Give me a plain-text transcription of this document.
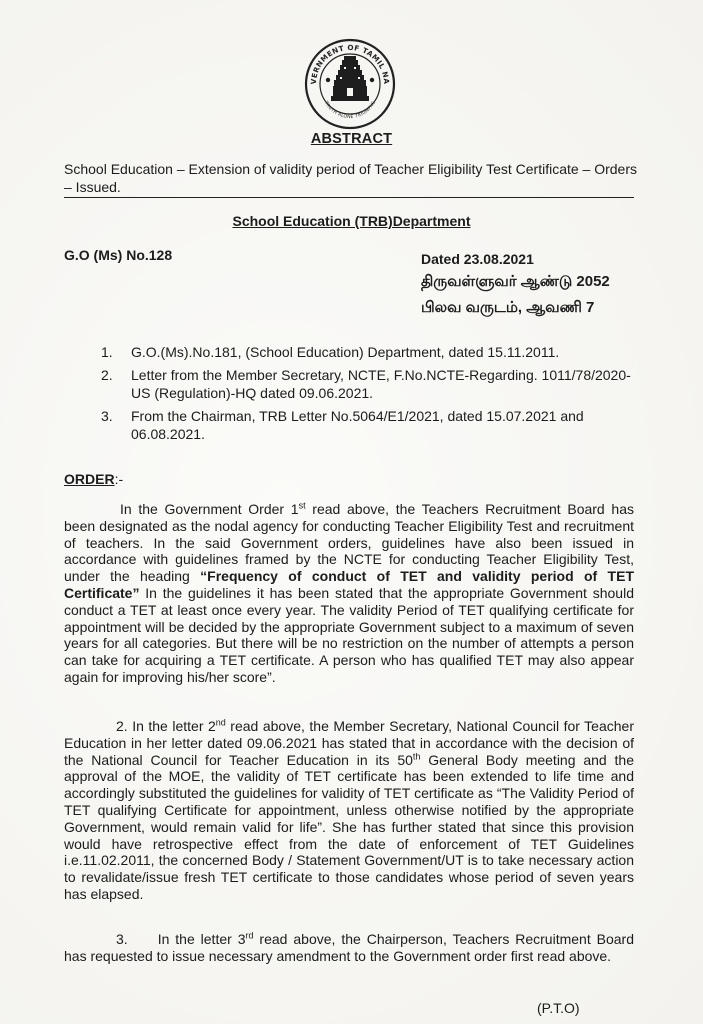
VERNMENT OF TAMIL NA
TRUTH ALONE TRIUMPHS
ABSTRACT
School Education – Extension of validity period of Teacher Eligibility Test Certificate – Orders – Issued.
School Education (TRB)Department
G.O (Ms) No.128	Dated 23.08.2021
திருவள்ளுவர் ஆண்டு 2052
பிலவ வருடம், ஆவணி 7
1.	G.O.(Ms).No.181, (School Education) Department, dated 15.11.2011.
2.	Letter from the Member Secretary, NCTE, F.No.NCTE-Regarding. 1011/78/2020-US (Regulation)-HQ dated 09.06.2021.
3.	From the Chairman, TRB Letter No.5064/E1/2021, dated 15.07.2021 and 06.08.2021.
ORDER:-
In the Government Order 1st read above, the Teachers Recruitment Board has been designated as the nodal agency for conducting Teacher Eligibility Test and recruitment of teachers. In the said Government orders, guidelines have also been issued in accordance with guidelines framed by the NCTE for conducting Teacher Eligibility Test, under the heading “Frequency of conduct of TET and validity period of TET Certificate” In the guidelines it has been stated that the appropriate Government should conduct a TET at least once every year. The validity Period of TET qualifying certificate for appointment will be decided by the appropriate Government subject to a maximum of seven years for all categories. But there will be no restriction on the number of attempts a person can take for acquiring a TET certificate. A person who has qualified TET may also appear again for improving his/her score”.
2. In the letter 2nd read above, the Member Secretary, National Council for Teacher Education in her letter dated 09.06.2021 has stated that in accordance with the decision of the National Council for Teacher Education in its 50th General Body meeting and the approval of the MOE, the validity of TET certificate has been extended to life time and accordingly substituted the guidelines for validity of TET certificate as “The Validity Period of TET qualifying Certificate for appointment, unless otherwise notified by the appropriate Government, would remain valid for life”. She has further stated that since this provision would have retrospective effect from the date of enforcement of TET Guidelines i.e.11.02.2011, the concerned Body / Statement Government/UT is to take necessary action to revalidate/issue fresh TET certificate to those candidates whose period of seven years has elapsed.
3. In the letter 3rd read above, the Chairperson, Teachers Recruitment Board has requested to issue necessary amendment to the Government order first read above.
(P.T.O)
